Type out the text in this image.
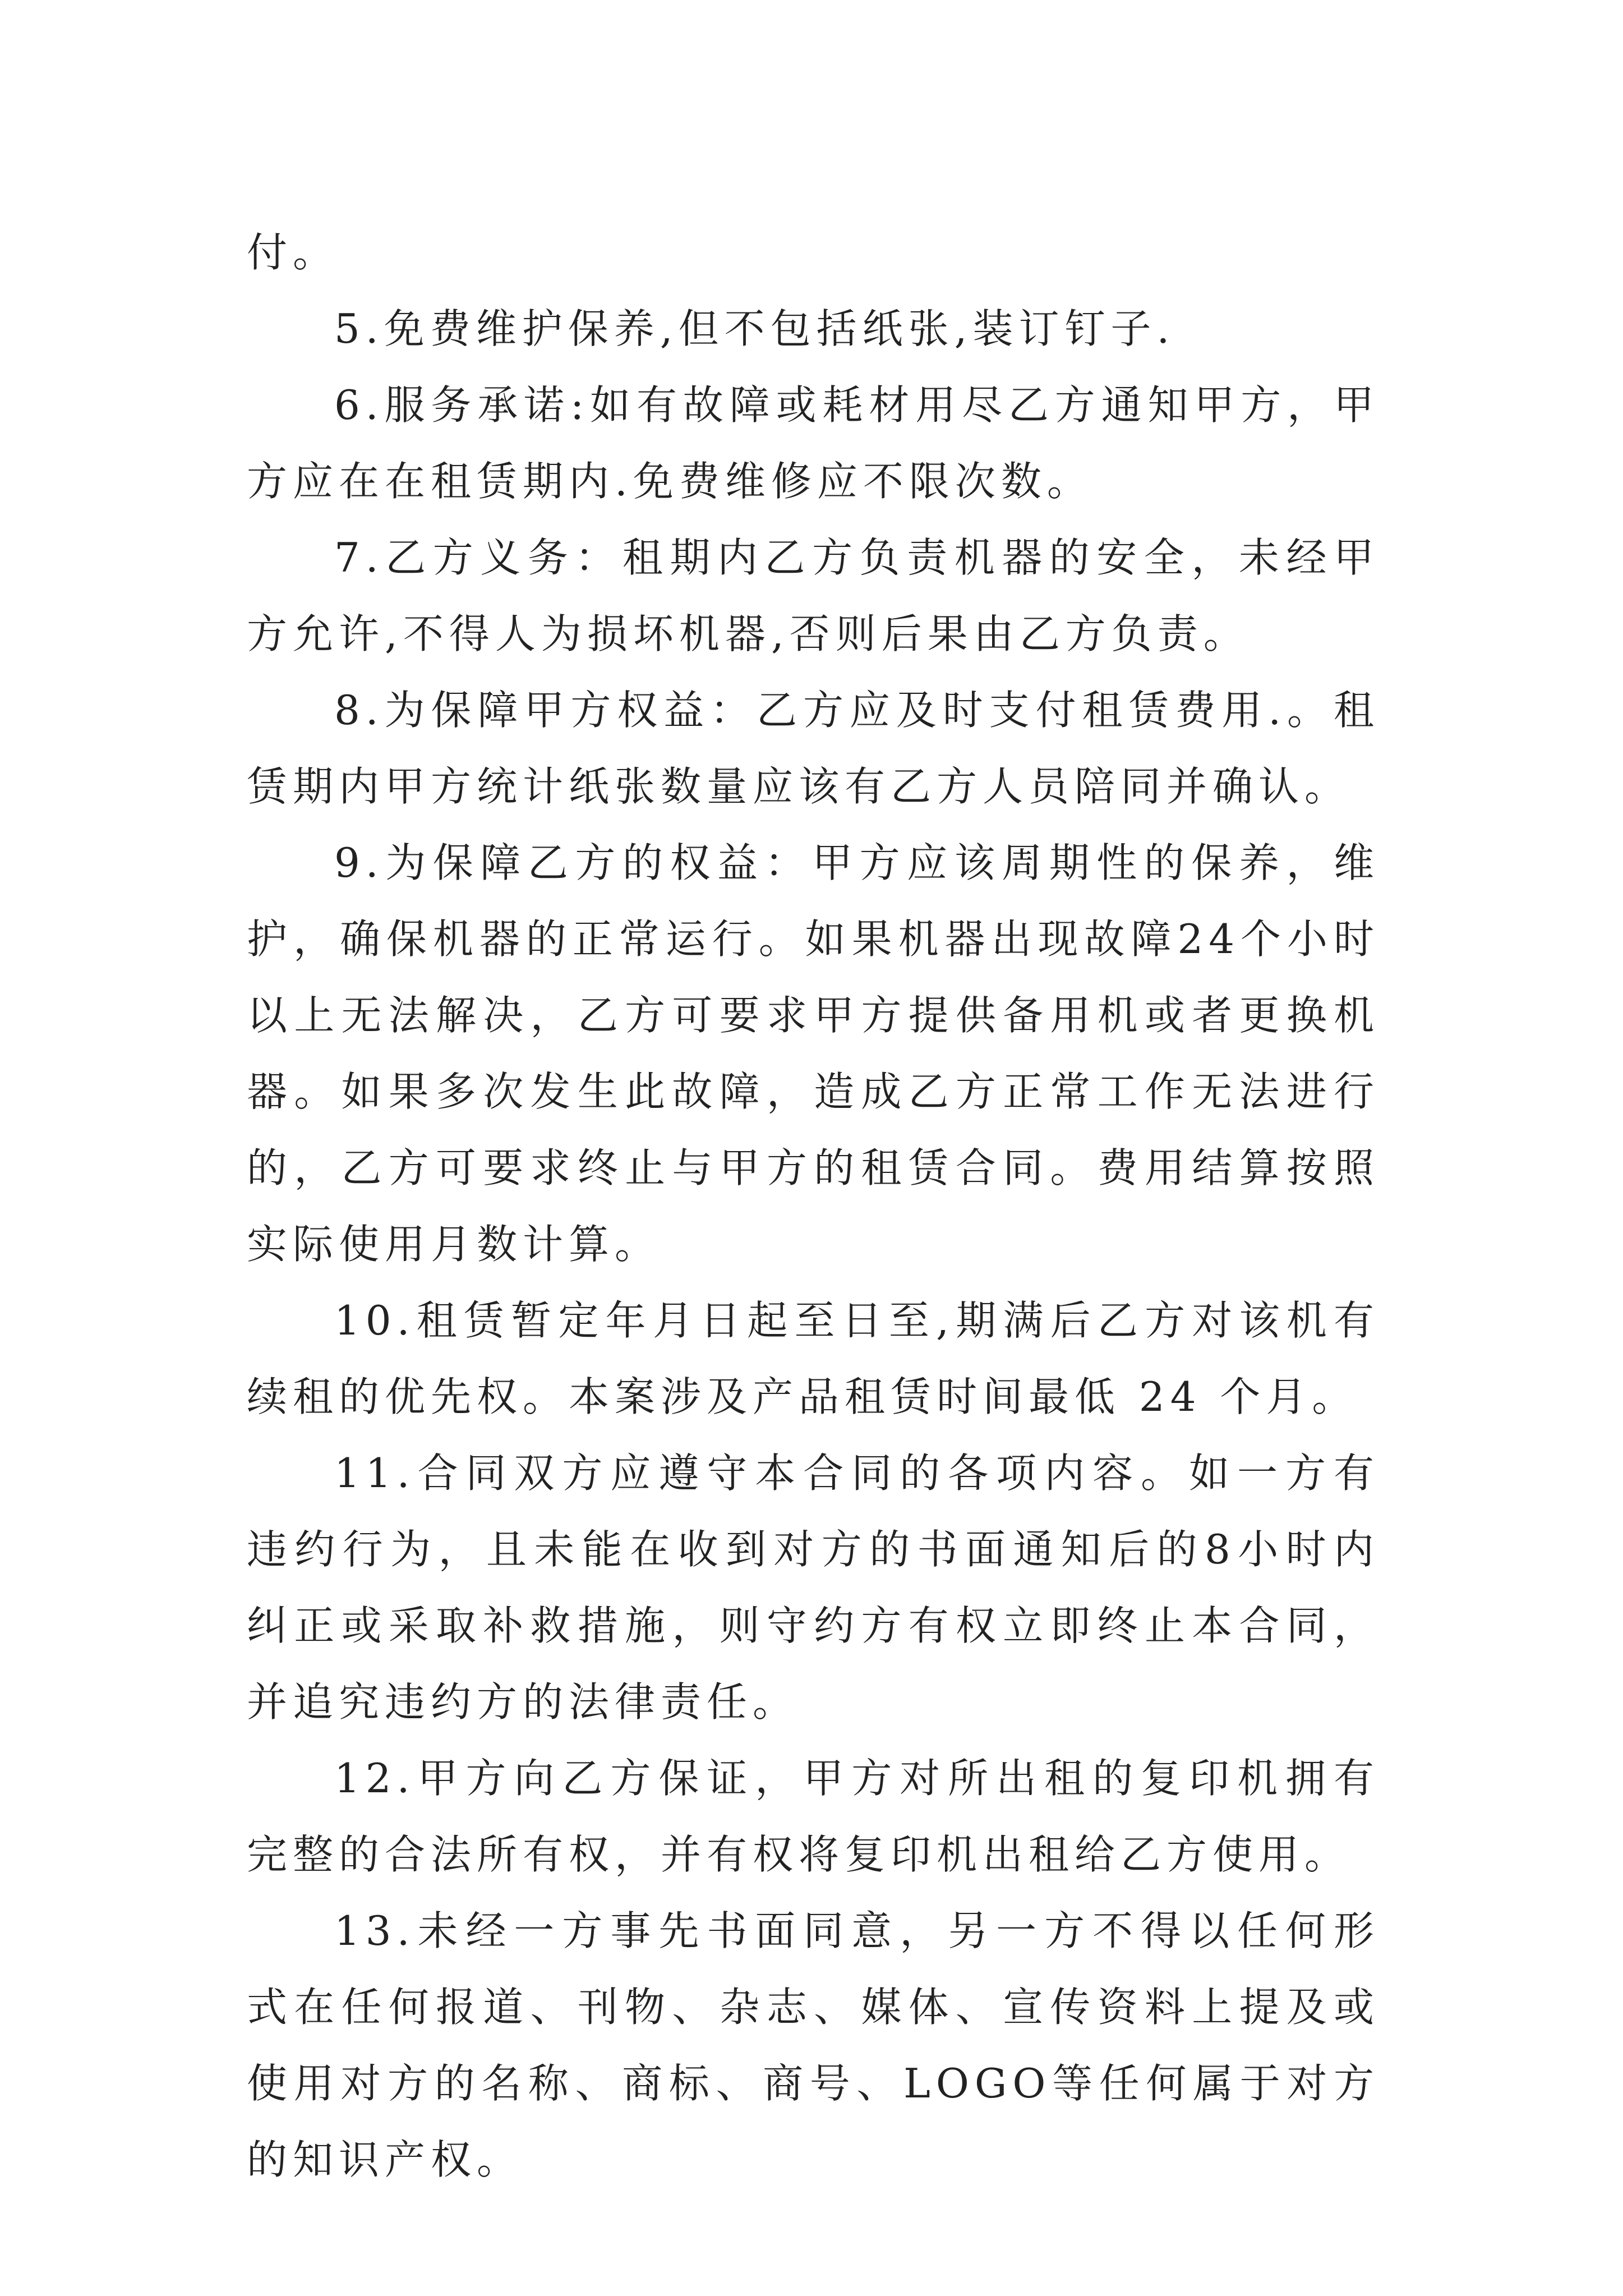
付。

5.免费维护保养,但不包括纸张,装订钉子.

6.服务承诺:如有故障或耗材用尽乙方通知甲方，甲方应在在租赁期内.免费维修应不限次数。

7.乙方义务：租期内乙方负责机器的安全，未经甲方允许,不得人为损坏机器,否则后果由乙方负责。

8.为保障甲方权益：乙方应及时支付租赁费用.。租赁期内甲方统计纸张数量应该有乙方人员陪同并确认。

9.为保障乙方的权益：甲方应该周期性的保养，维护，确保机器的正常运行。如果机器出现故障24个小时以上无法解决，乙方可要求甲方提供备用机或者更换机器。如果多次发生此故障，造成乙方正常工作无法进行的，乙方可要求终止与甲方的租赁合同。费用结算按照实际使用月数计算。

10.租赁暂定年月日起至日至,期满后乙方对该机有续租的优先权。本案涉及产品租赁时间最低 24 个月。

11.合同双方应遵守本合同的各项内容。如一方有违约行为，且未能在收到对方的书面通知后的8小时内纠正或采取补救措施，则守约方有权立即终止本合同，并追究违约方的法律责任。

12.甲方向乙方保证，甲方对所出租的复印机拥有完整的合法所有权，并有权将复印机出租给乙方使用。

13.未经一方事先书面同意，另一方不得以任何形式在任何报道、刊物、杂志、媒体、宣传资料上提及或使用对方的名称、商标、商号、LOGO等任何属于对方的知识产权。
